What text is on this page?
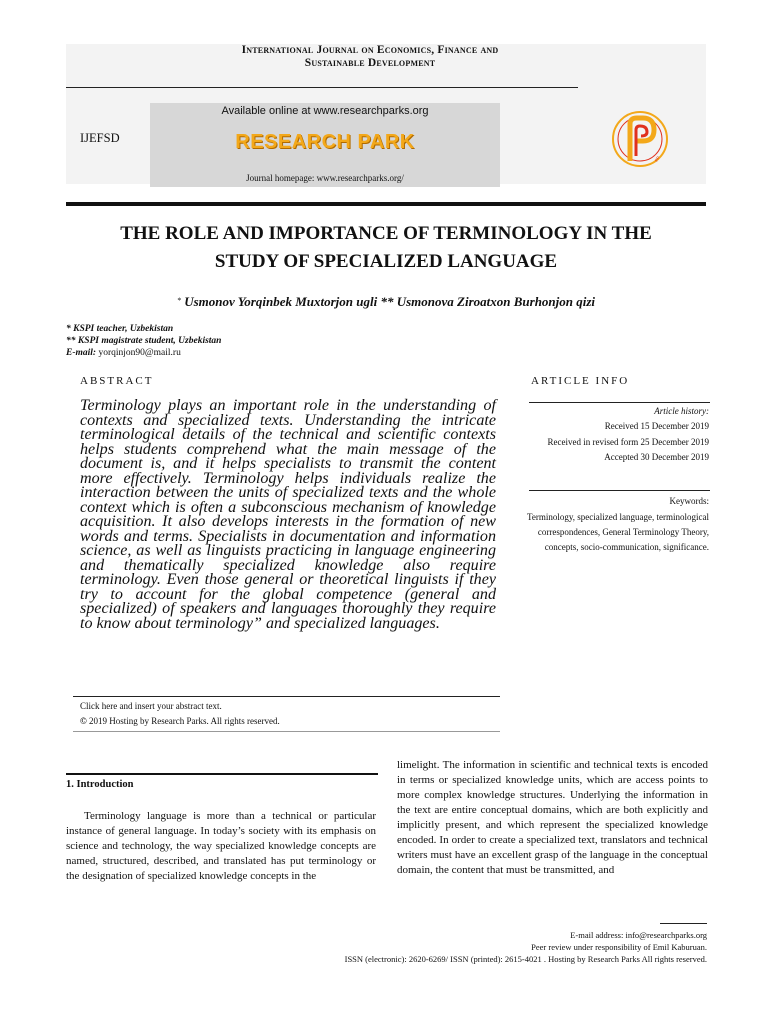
International Journal on Economics, Finance and
Sustainable Development
IJEFSD
Available online at www.researchparks.org
RESEARCH PARK
Journal homepage: www.researchparks.org/
RP
THE ROLE AND IMPORTANCE OF TERMINOLOGY IN THE
STUDY OF SPECIALIZED LANGUAGE
* Usmonov Yorqinbek Muxtorjon ugli ** Usmonova Ziroatxon Burhonjon qizi
* KSPI teacher, Uzbekistan
** KSPI magistrate student, Uzbekistan
E-mail: yorqinjon90@mail.ru
ABSTRACT
Terminology plays an important role in the understanding of contexts and specialized texts. Understanding the intricate terminological details of the technical and scientific contexts helps students comprehend what the main message of the document is, and it helps specialists to transmit the content more effectively. Terminology helps individuals realize the interaction between the units of specialized texts and the whole context which is often a subconscious mechanism of knowledge acquisition. It also develops interests in the formation of new words and terms. Specialists in documentation and information science, as well as linguists practicing in language engineering and thematically specialized knowledge also require terminology. Even those general or theoretical linguists if they try to account for the global competence (general and specialized) of speakers and languages thoroughly they require to know about terminology” and specialized languages.
Click here and insert your abstract text.
© 2019 Hosting by Research Parks. All rights reserved.
ARTICLE INFO
Article history:
Received 15 December 2019
Received in revised form 25 December 2019
Accepted 30 December 2019
Keywords:
Terminology, specialized language, terminological correspondences, General Terminology Theory, concepts, socio-communication, significance.
1. Introduction
Terminology language is more than a technical or particular instance of general language. In today’s society with its emphasis on science and technology, the way specialized knowledge concepts are named, structured, described, and translated has put terminology or the designation of specialized knowledge concepts in the
limelight. The information in scientific and technical texts is encoded in terms or specialized knowledge units, which are access points to more complex knowledge structures. Underlying the information in the text are entire conceptual domains, which are both explicitly and implicitly present, and which represent the specialized knowledge encoded. In order to create a specialized text, translators and technical writers must have an excellent grasp of the language in the conceptual domain, the content that must be transmitted, and
E-mail address: info@researchparks.org
Peer review under responsibility of Emil Kaburuan.
ISSN (electronic): 2620-6269/ ISSN (printed): 2615-4021 . Hosting by Research Parks All rights reserved.
